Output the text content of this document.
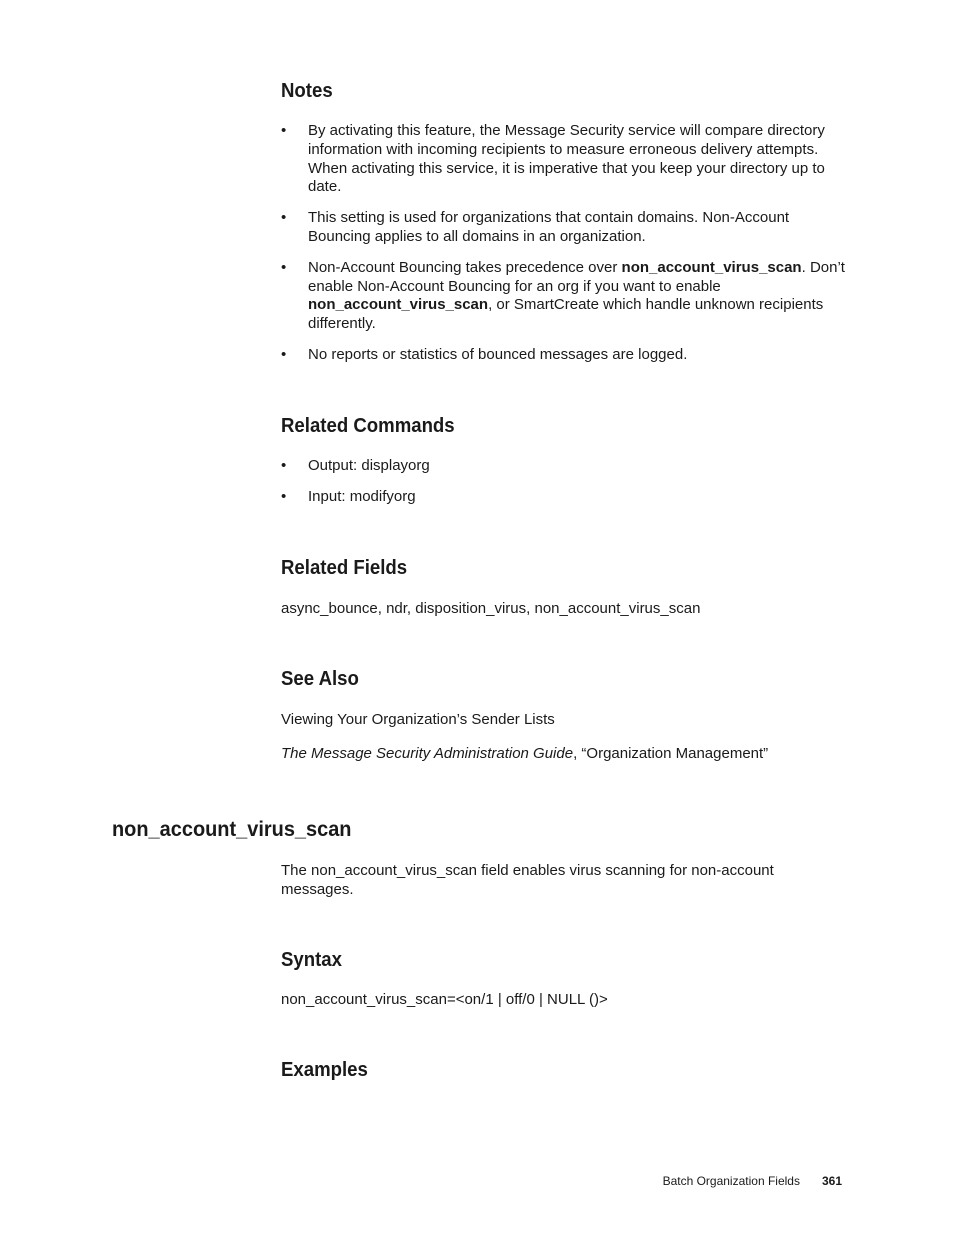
Notes
• By activating this feature, the Message Security service will compare directory information with incoming recipients to measure erroneous delivery attempts. When activating this service, it is imperative that you keep your directory up to date.
• This setting is used for organizations that contain domains. Non-Account Bouncing applies to all domains in an organization.
• Non-Account Bouncing takes precedence over non_account_virus_scan. Don’t enable Non-Account Bouncing for an org if you want to enable non_account_virus_scan, or SmartCreate which handle unknown recipients differently.
• No reports or statistics of bounced messages are logged.
Related Commands
• Output: displayorg
• Input: modifyorg
Related Fields

async_bounce, ndr, disposition_virus, non_account_virus_scan

See Also

Viewing Your Organization’s Sender Lists

The Message Security Administration Guide, “Organization Management”

non_account_virus_scan

The non_account_virus_scan field enables virus scanning for non-account messages.

Syntax

non_account_virus_scan=<on/1 | off/0 | NULL ()>

Examples
Batch Organization Fields 361
